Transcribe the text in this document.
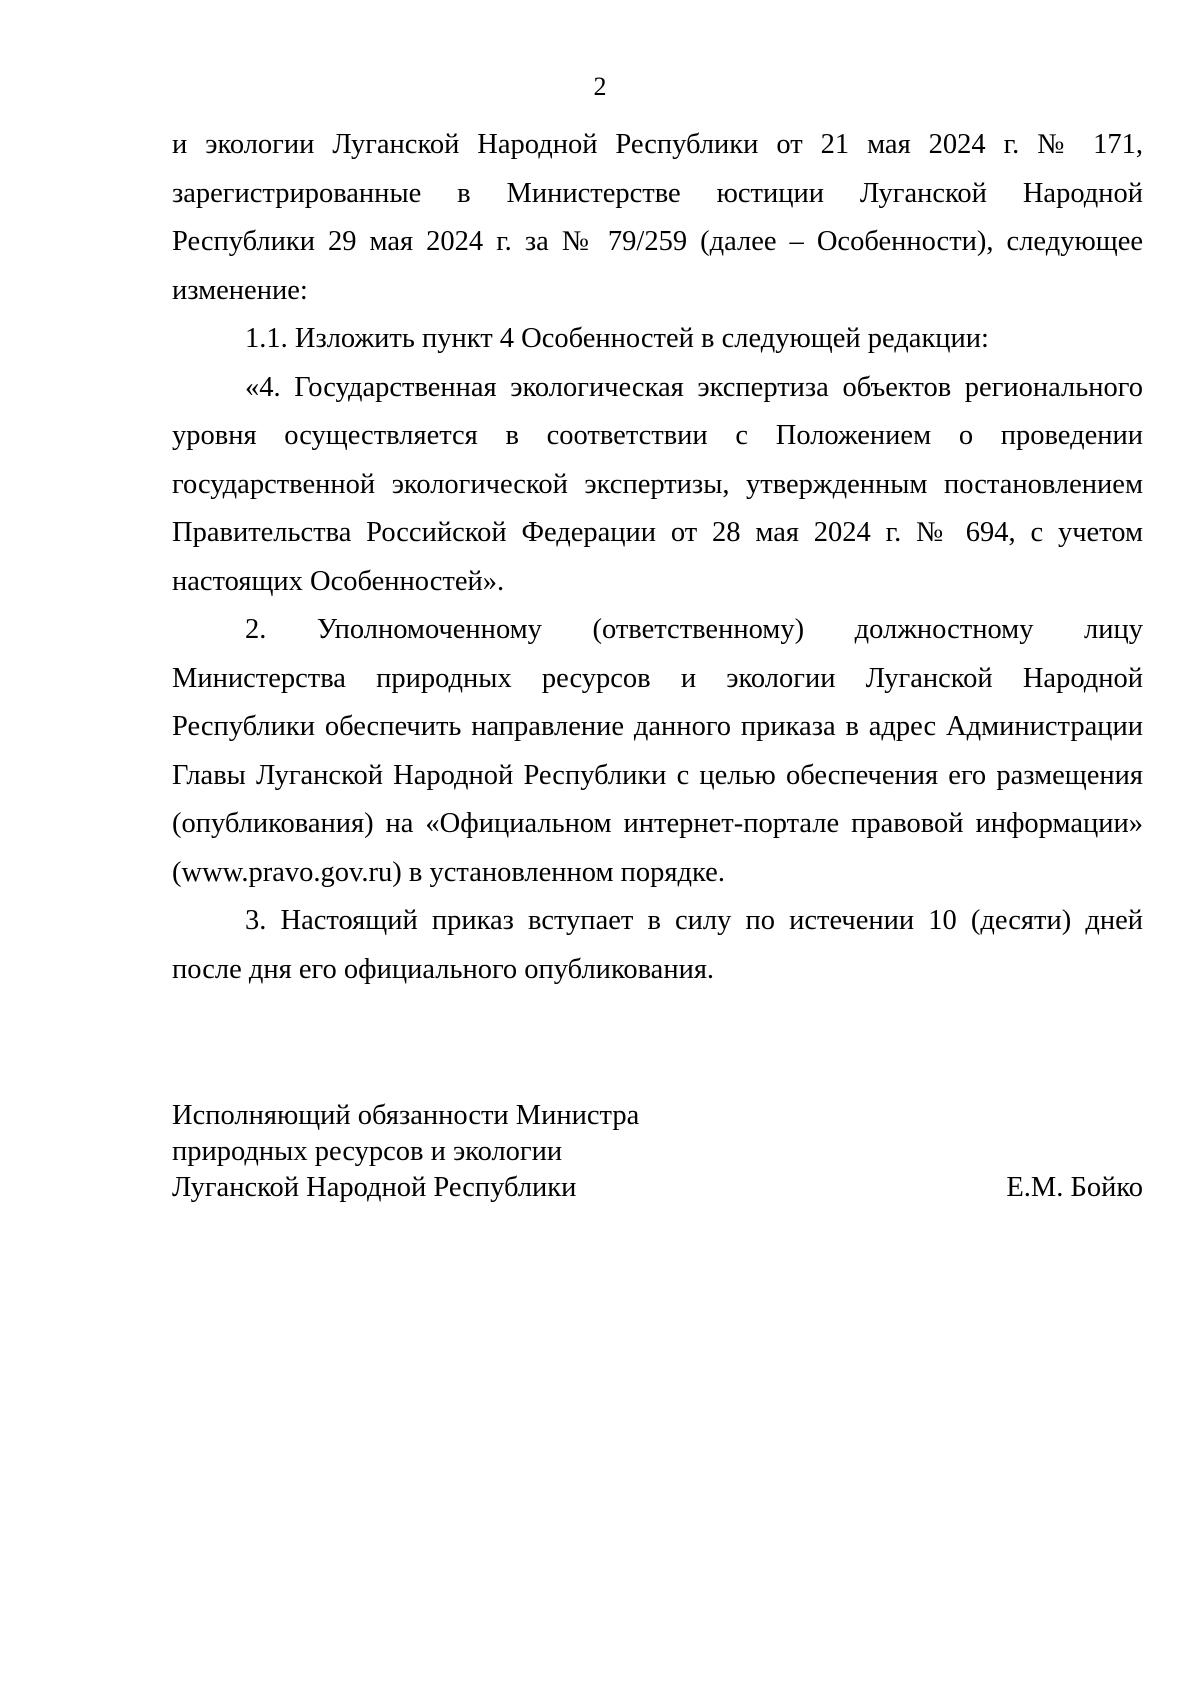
2

и экологии Луганской Народной Республики от 21 мая 2024 г. № 171, зарегистрированные в Министерстве юстиции Луганской Народной Республики 29 мая 2024 г. за № 79/259 (далее – Особенности), следующее изменение:

1.1. Изложить пункт 4 Особенностей в следующей редакции:

«4. Государственная экологическая экспертиза объектов регионального уровня осуществляется в соответствии с Положением о проведении государственной экологической экспертизы, утвержденным постановлением Правительства Российской Федерации от 28 мая 2024 г. № 694, с учетом настоящих Особенностей».

2. Уполномоченному (ответственному) должностному лицу Министерства природных ресурсов и экологии Луганской Народной Республики обеспечить направление данного приказа в адрес Администрации Главы Луганской Народной Республики с целью обеспечения его размещения (опубликования) на «Официальном интернет-портале правовой информации» (www.pravo.gov.ru) в установленном порядке.

3. Настоящий приказ вступает в силу по истечении 10 (десяти) дней после дня его официального опубликования.

Исполняющий обязанности Министра
природных ресурсов и экологии
Луганской Народной Республики	Е.М. Бойко
